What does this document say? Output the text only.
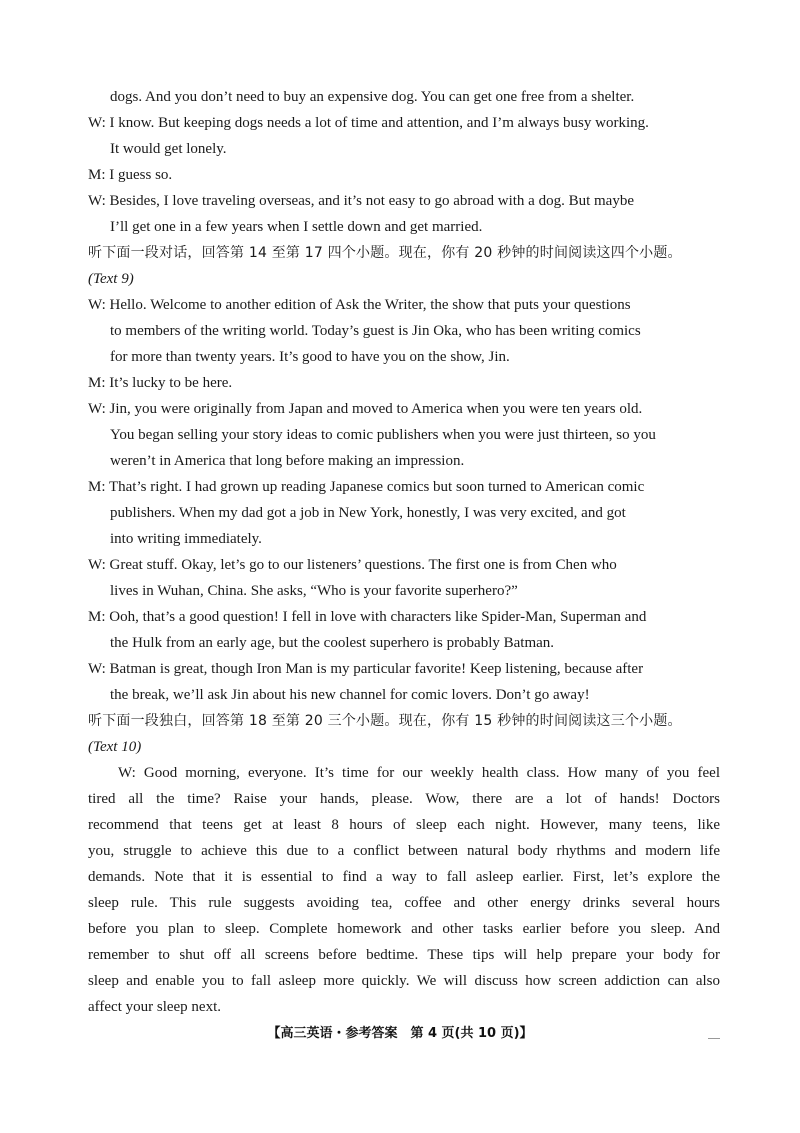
dogs. And you don’t need to buy an expensive dog. You can get one free from a shelter.
W: I know. But keeping dogs needs a lot of time and attention, and I’m always busy working.
It would get lonely.
M: I guess so.
W: Besides, I love traveling overseas, and it’s not easy to go abroad with a dog. But maybe
I’ll get one in a few years when I settle down and get married.
听下面一段对话，回答第 14 至第 17 四个小题。现在，你有 20 秒钟的时间阅读这四个小题。
(Text 9)
W: Hello. Welcome to another edition of Ask the Writer, the show that puts your questions
to members of the writing world. Today’s guest is Jin Oka, who has been writing comics
for more than twenty years. It’s good to have you on the show, Jin.
M: It’s lucky to be here.
W: Jin, you were originally from Japan and moved to America when you were ten years old.
You began selling your story ideas to comic publishers when you were just thirteen, so you
weren’t in America that long before making an impression.
M: That’s right. I had grown up reading Japanese comics but soon turned to American comic
publishers. When my dad got a job in New York, honestly, I was very excited, and got
into writing immediately.
W: Great stuff. Okay, let’s go to our listeners’ questions. The first one is from Chen who
lives in Wuhan, China. She asks, “Who is your favorite superhero?”
M: Ooh, that’s a good question! I fell in love with characters like Spider-Man, Superman and
the Hulk from an early age, but the coolest superhero is probably Batman.
W: Batman is great, though Iron Man is my particular favorite! Keep listening, because after
the break, we’ll ask Jin about his new channel for comic lovers. Don’t go away!
听下面一段独白，回答第 18 至第 20 三个小题。现在，你有 15 秒钟的时间阅读这三个小题。
(Text 10)
W: Good morning, everyone. It’s time for our weekly health class. How many of you feel
tired all the time? Raise your hands, please. Wow, there are a lot of hands! Doctors
recommend that teens get at least 8 hours of sleep each night. However, many teens, like
you, struggle to achieve this due to a conflict between natural body rhythms and modern life
demands. Note that it is essential to find a way to fall asleep earlier. First, let’s explore the
sleep rule. This rule suggests avoiding tea, coffee and other energy drinks several hours
before you plan to sleep. Complete homework and other tasks earlier before you sleep. And
remember to shut off all screens before bedtime. These tips will help prepare your body for
sleep and enable you to fall asleep more quickly. We will discuss how screen addiction can also
affect your sleep next.
【高三英语・参考答案　第 4 页(共 10 页)】
